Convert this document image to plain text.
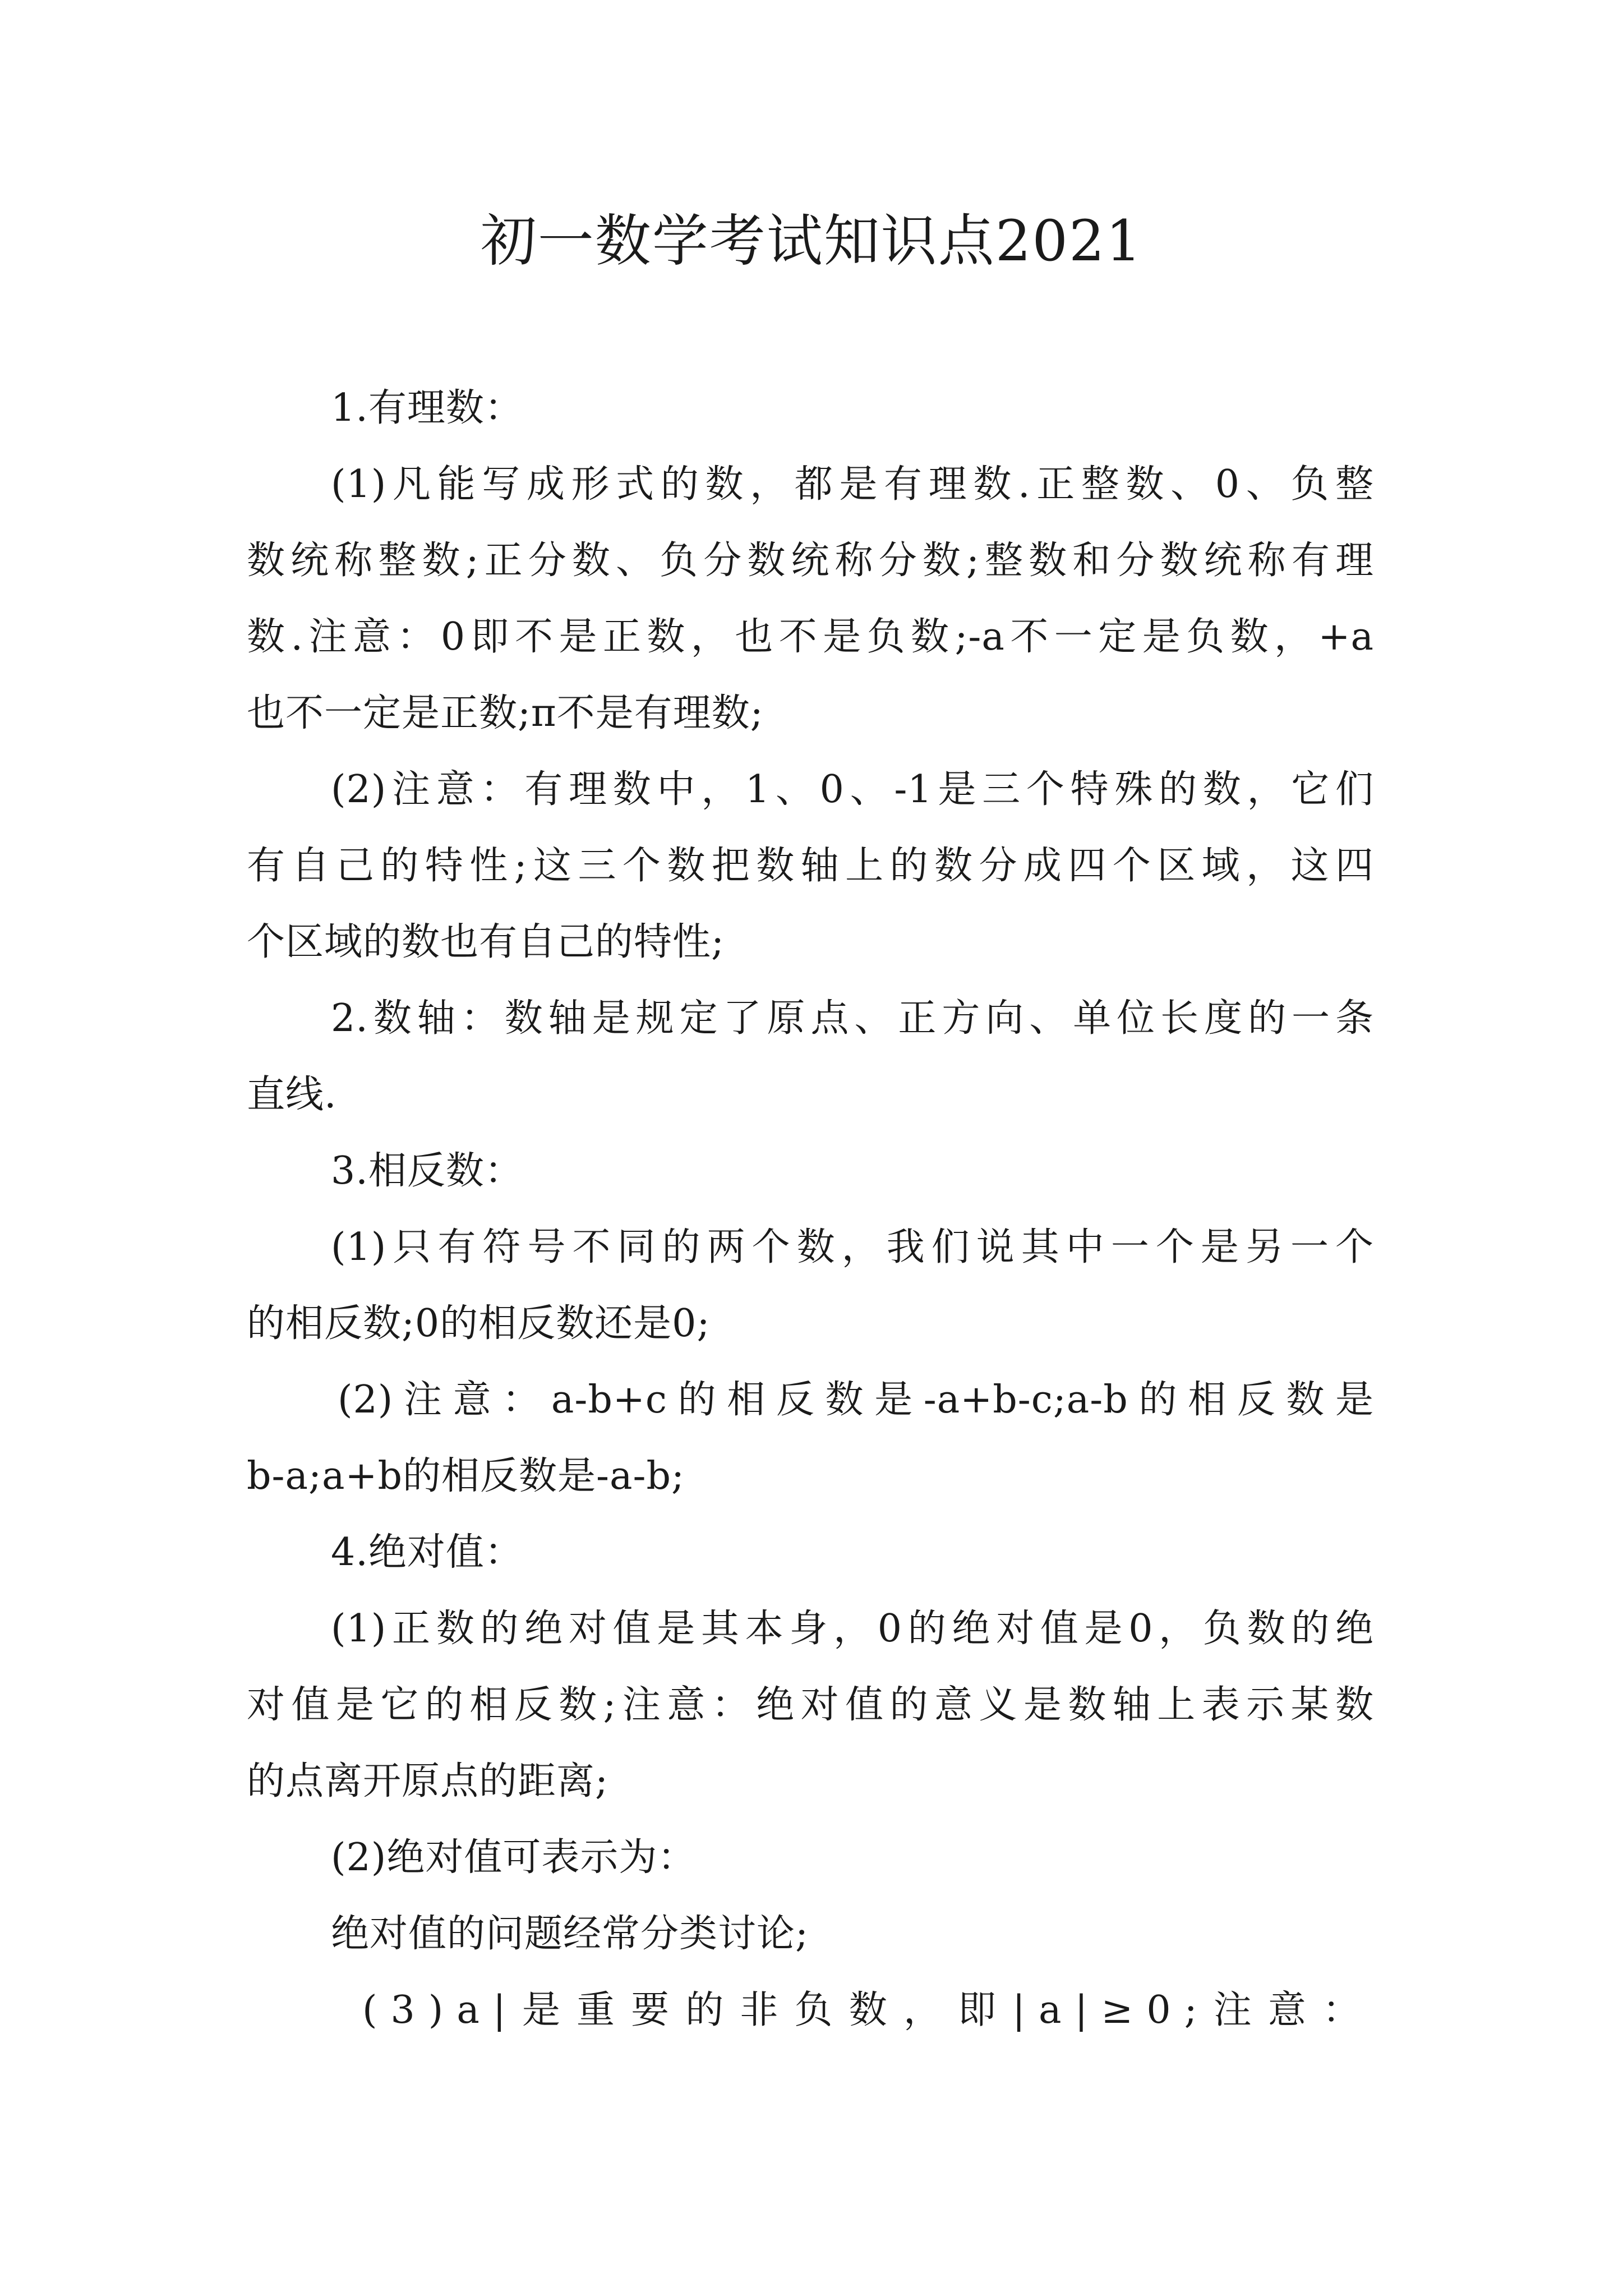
初一数学考试知识点2021
1.有理数：
(1)凡能写成形式的数，都是有理数.正整数、0、负整
数统称整数;正分数、负分数统称分数;整数和分数统称有理
数.注意：0即不是正数，也不是负数;-a不一定是负数，+a
也不一定是正数;π不是有理数;
(2)注意：有理数中，1、0、-1是三个特殊的数，它们
有自己的特性;这三个数把数轴上的数分成四个区域，这四
个区域的数也有自己的特性;
2.数轴：数轴是规定了原点、正方向、单位长度的一条
直线.
3.相反数：
(1)只有符号不同的两个数，我们说其中一个是另一个
的相反数;0的相反数还是0;
(2)注意：a-b+c的相反数是-a+b-c;a-b的相反数是
b-a;a+b的相反数是-a-b;
4.绝对值：
(1)正数的绝对值是其本身，0的绝对值是0，负数的绝
对值是它的相反数;注意：绝对值的意义是数轴上表示某数
的点离开原点的距离;
(2)绝对值可表示为：
绝对值的问题经常分类讨论;
(3)a|是重要的非负数，即|a|≥0;注意：
